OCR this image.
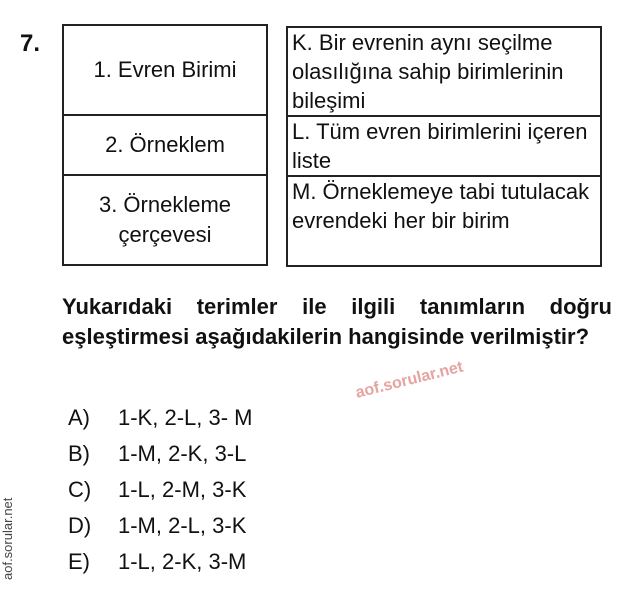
7.
1. Evren Birimi
2. Örneklem
3. Örnekleme çerçevesi
K. Bir evrenin aynı seçilme olasılığına sahip birimlerinin bileşimi
L. Tüm evren birimlerini içeren liste
M. Örneklemeye tabi tutulacak evrendeki her bir birim
Yukarıdaki terimler ile ilgili tanımların doğru eşleştirmesi aşağıdakilerin hangisinde verilmiştir?
aof.sorular.net
A)	1-K, 2-L, 3- M
B)	1-M, 2-K, 3-L
C)	1-L, 2-M, 3-K
D)	1-M, 2-L, 3-K
E)	1-L, 2-K, 3-M
aof.sorular.net
